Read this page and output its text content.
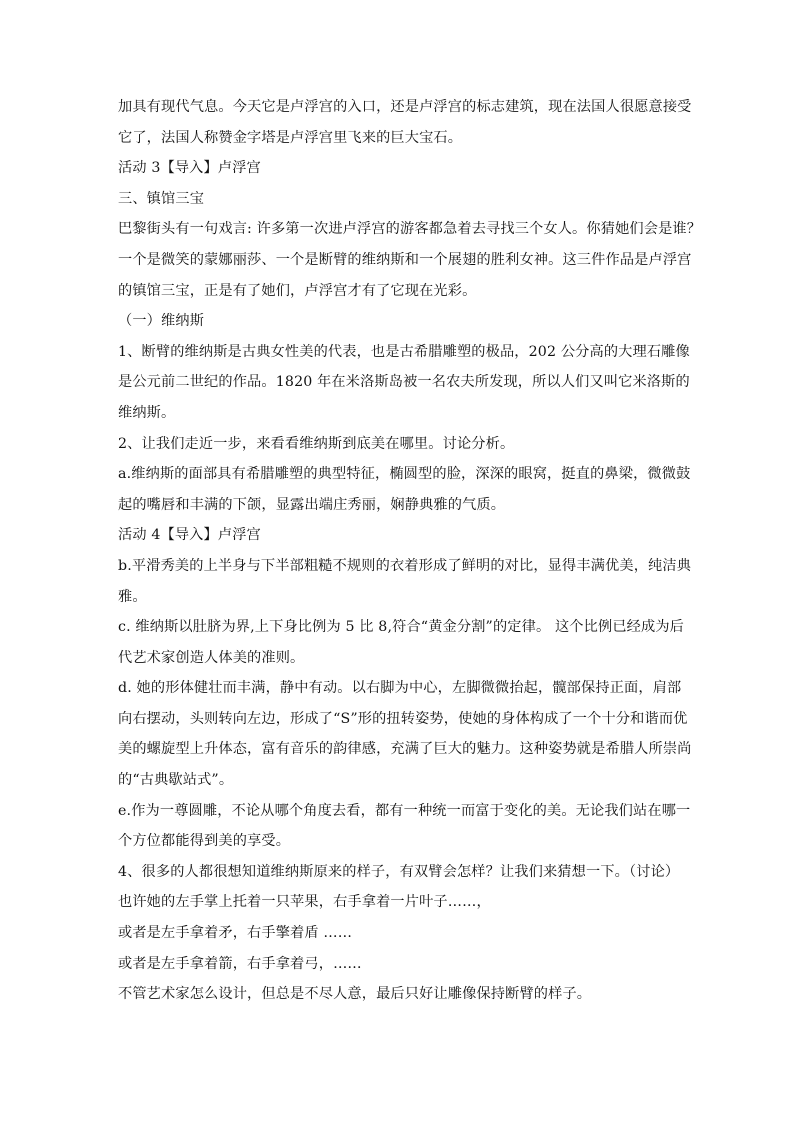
加具有现代气息。今天它是卢浮宫的入口，还是卢浮宫的标志建筑，现在法国人很愿意接受
它了，法国人称赞金字塔是卢浮宫里飞来的巨大宝石。
活动 3【导入】卢浮宫
三、镇馆三宝
巴黎街头有一句戏言: 许多第一次进卢浮宫的游客都急着去寻找三个女人。你猜她们会是谁？
一个是微笑的蒙娜丽莎、一个是断臂的维纳斯和一个展翅的胜利女神。这三件作品是卢浮宫
的镇馆三宝，正是有了她们，卢浮宫才有了它现在光彩。
（一）维纳斯
1、断臂的维纳斯是古典女性美的代表，也是古希腊雕塑的极品，202 公分高的大理石雕像
是公元前二世纪的作品。1820 年在米洛斯岛被一名农夫所发现，所以人们又叫它米洛斯的
维纳斯。
2、让我们走近一步，来看看维纳斯到底美在哪里。讨论分析。
a.维纳斯的面部具有希腊雕塑的典型特征，椭圆型的脸，深深的眼窝，挺直的鼻梁，微微鼓
起的嘴唇和丰满的下颌，显露出端庄秀丽，娴静典雅的气质。
活动 4【导入】卢浮宫
b.平滑秀美的上半身与下半部粗糙不规则的衣着形成了鲜明的对比，显得丰满优美，纯洁典
雅。
c. 维纳斯以肚脐为界,上下身比例为 5 比 8,符合“黄金分割”的定律。 这个比例已经成为后
代艺术家创造人体美的准则。
d. 她的形体健壮而丰满，静中有动。以右脚为中心，左脚微微抬起，髋部保持正面，肩部
向右摆动，头则转向左边，形成了“S”形的扭转姿势，使她的身体构成了一个十分和谐而优
美的螺旋型上升体态，富有音乐的韵律感，充满了巨大的魅力。这种姿势就是希腊人所崇尚
的“古典歇站式”。
e.作为一尊圆雕，不论从哪个角度去看，都有一种统一而富于变化的美。无论我们站在哪一
个方位都能得到美的享受。
4、很多的人都很想知道维纳斯原来的样子，有双臂会怎样？让我们来猜想一下。（讨论）
也许她的左手掌上托着一只苹果，右手拿着一片叶子……，
或者是左手拿着矛，右手擎着盾 ……
或者是左手拿着箭，右手拿着弓，……
不管艺术家怎么设计，但总是不尽人意，最后只好让雕像保持断臂的样子。
